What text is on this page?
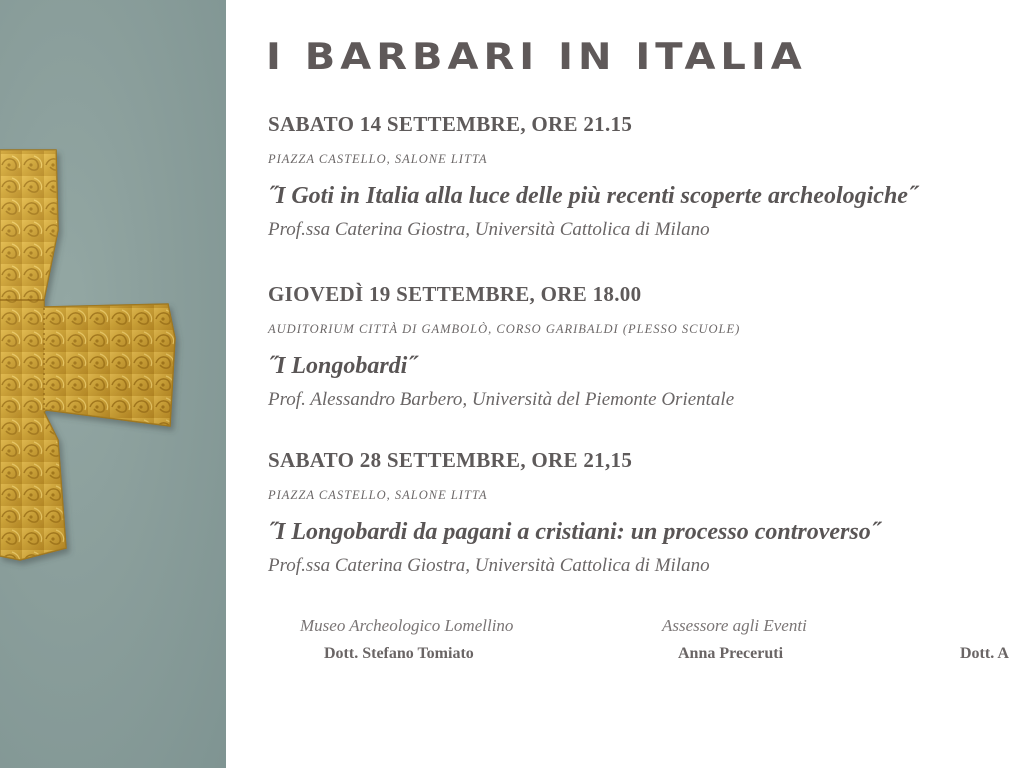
I BARBARI IN ITALIA
SABATO 14 SETTEMBRE, ORE 21.15
PIAZZA CASTELLO, SALONE LITTA
˝I Goti in Italia alla luce delle più recenti scoperte archeologiche˝
Prof.ssa Caterina Giostra, Università Cattolica di Milano
GIOVEDÌ 19 SETTEMBRE, ORE 18.00
AUDITORIUM CITTÀ DI GAMBOLÒ, CORSO GARIBALDI (PLESSO SCUOLE)
˝I Longobardi˝
Prof. Alessandro Barbero, Università del Piemonte Orientale
SABATO 28 SETTEMBRE, ORE 21,15
PIAZZA CASTELLO, SALONE LITTA
˝I Longobardi da pagani a cristiani: un processo controverso˝
Prof.ssa Caterina Giostra, Università Cattolica di Milano
Museo Archeologico Lomellino
Dott. Stefano Tomiato
Assessore agli Eventi
Anna Preceruti	Dott. A
